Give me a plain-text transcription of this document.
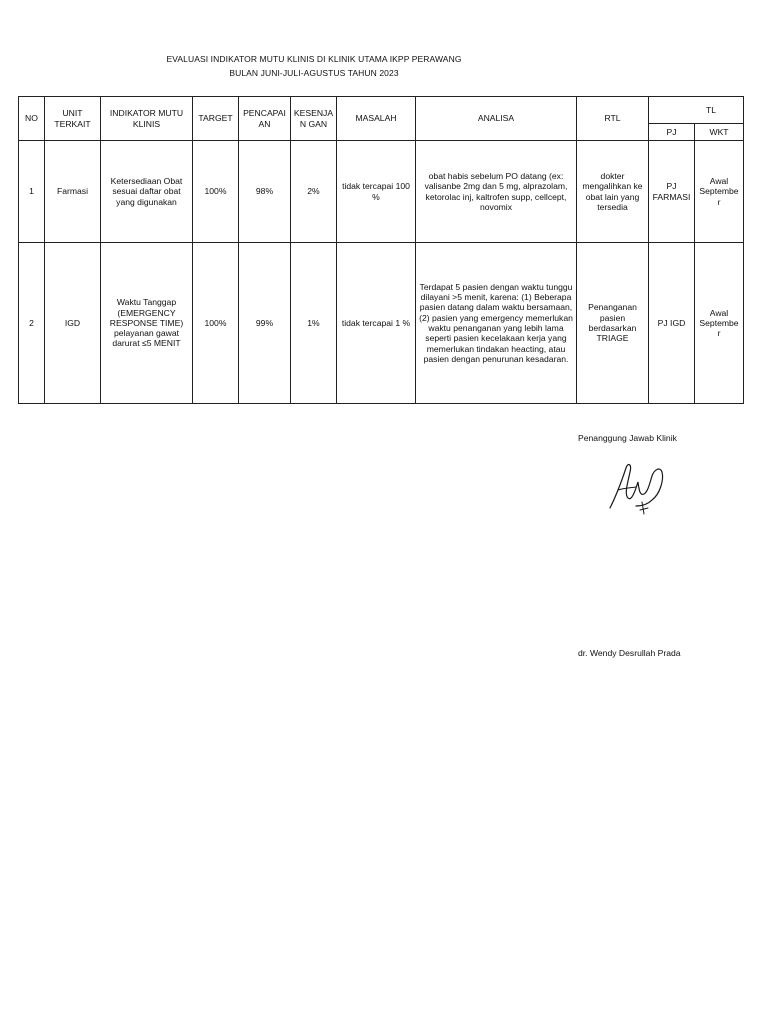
EVALUASI INDIKATOR MUTU KLINIS DI KLINIK UTAMA IKPP PERAWANG
BULAN JUNI-JULI-AGUSTUS TAHUN 2023
NO	UNIT TERKAIT	INDIKATOR MUTU KLINIS	TARGET	PENCAPAI AN	KESENJAN GAN	MASALAH	ANALISA	RTL	TL	
									PJ	WKT
1	Farmasi	Ketersediaan Obat sesuai daftar obat yang digunakan	100%	98%	2%	tidak tercapai 100 %	obat habis sebelum PO datang (ex: valisanbe 2mg dan 5 mg, alprazolam, ketorolac inj, kaltrofen supp, cellcept, novomix	dokter mengalihkan ke obat lain yang tersedia	PJ FARMASI	Awal Septembe r
2	IGD	Waktu Tanggap (EMERGENCY RESPONSE TIME) pelayanan gawat darurat ≤5 MENIT	100%	99%	1%	tidak tercapai 1 %	Terdapat 5 pasien dengan waktu tunggu dilayani >5 menit, karena: (1) Beberapa pasien datang dalam waktu bersamaan, (2) pasien yang emergency memerlukan waktu penanganan yang lebih lama seperti pasien kecelakaan kerja yang memerlukan tindakan heacting, atau pasien dengan penurunan kesadaran.	Penanganan pasien berdasarkan TRIAGE	PJ IGD	Awal Septembe r
Penanggung Jawab Klinik
dr. Wendy Desrullah Prada
